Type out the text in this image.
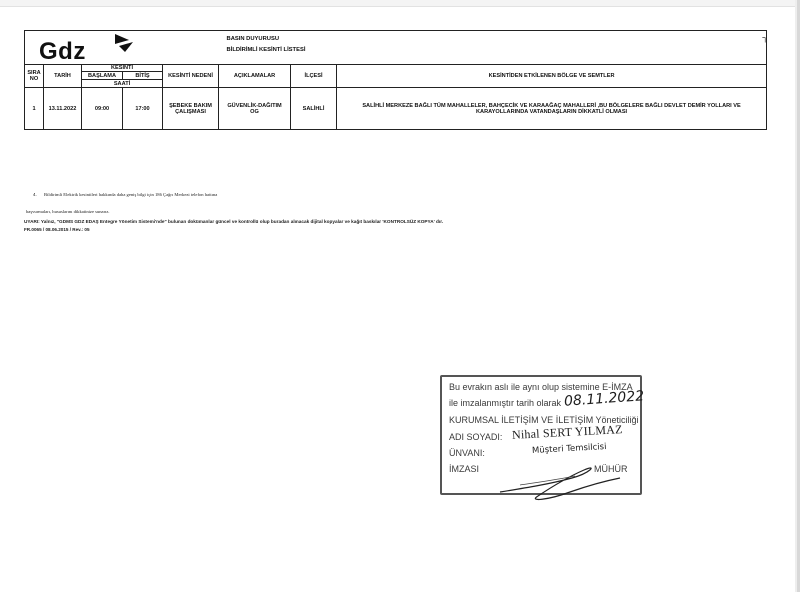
Gdz					BASIN DUYURUSU
BİLDİRİMLİ KESİNTİ LİSTESİ
┐		

SIRA NO	TARİH	KESİNTİ		KESİNTİ NEDENİ	AÇIKLAMALAR	İLÇESİ	KESİNTİDEN ETKİLENEN BÖLGE VE SEMTLER
		BAŞLAMA	BİTİŞ				
		SAATİ					
1	13.11.2022	09:00	17:00	ŞEBEKE BAKIM ÇALIŞMASI	GÜVENLİK-DAĞITIM OG	SALİHLİ	SALİHLİ MERKEZE BAĞLI TÜM MAHALLELER, BAHÇECİK VE KARAAĞAÇ MAHALLERİ ,BU BÖLGELERE BAĞLI DEVLET DEMİR YOLLARI VE KARAYOLLARINDA VATANDAŞLARIN DİKKATLİ OLMASI
4. Bildirimli Elektrik kesintileri hakkında daha geniş bilgi için 186 Çağrı Merkezi telefon hattına
başvurmaları, hususlarını dikkatinize sunarız.
UYARI: Yalnız, "GDMS GDZ EDAŞ Entegre Yönetim Sistemi'nde" bulunan dokümanlar güncel ve kontrollü olup buradan alınacak dijital kopyalar ve kağıt baskılar 'KONTROLSÜZ KOPYA' dır.
FR.0065 / 08.06.2015 / Rev.: 05
Bu evrakın aslı ile aynı olup sistemine E-İMZA
ile imzalanmıştır tarih olarak
KURUMSAL İLETİŞİM VE İLETİŞİM Yöneticiliği
ADI SOYADI:
ÜNVANI:
İMZASI	MÜHÜR
08.11.2022
Nihal SERT YILMAZ
Müşteri Temsilcisi
